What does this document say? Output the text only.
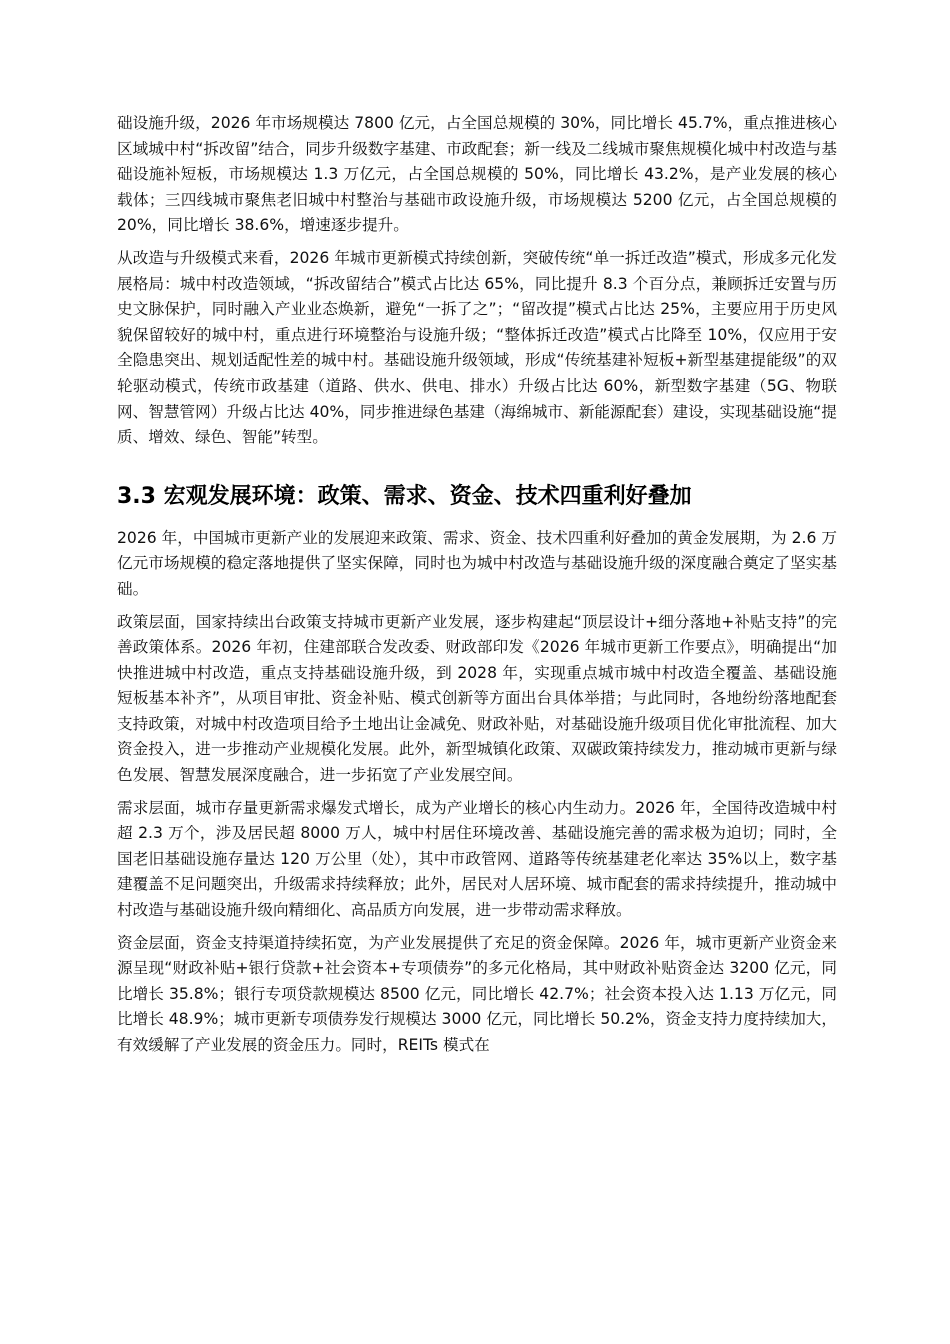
础设施升级，2026 年市场规模达 7800 亿元，占全国总规模的 30%，同比增长 45.7%，重点推进核心区域城中村“拆改留”结合，同步升级数字基建、市政配套；新一线及二线城市聚焦规模化城中村改造与基础设施补短板，市场规模达 1.3 万亿元，占全国总规模的 50%，同比增长 43.2%，是产业发展的核心载体；三四线城市聚焦老旧城中村整治与基础市政设施升级，市场规模达 5200 亿元，占全国总规模的 20%，同比增长 38.6%，增速逐步提升。

从改造与升级模式来看，2026 年城市更新模式持续创新，突破传统“单一拆迁改造”模式，形成多元化发展格局：城中村改造领域，“拆改留结合”模式占比达 65%，同比提升 8.3 个百分点，兼顾拆迁安置与历史文脉保护，同时融入产业业态焕新，避免“一拆了之”；“留改提”模式占比达 25%，主要应用于历史风貌保留较好的城中村，重点进行环境整治与设施升级；“整体拆迁改造”模式占比降至 10%，仅应用于安全隐患突出、规划适配性差的城中村。基础设施升级领域，形成“传统基建补短板+新型基建提能级”的双轮驱动模式，传统市政基建（道路、供水、供电、排水）升级占比达 60%，新型数字基建（5G、物联网、智慧管网）升级占比达 40%，同步推进绿色基建（海绵城市、新能源配套）建设，实现基础设施“提质、增效、绿色、智能”转型。

3.3 宏观发展环境：政策、需求、资金、技术四重利好叠加

2026 年，中国城市更新产业的发展迎来政策、需求、资金、技术四重利好叠加的黄金发展期，为 2.6 万亿元市场规模的稳定落地提供了坚实保障，同时也为城中村改造与基础设施升级的深度融合奠定了坚实基础。

政策层面，国家持续出台政策支持城市更新产业发展，逐步构建起“顶层设计+细分落地+补贴支持”的完善政策体系。2026 年初，住建部联合发改委、财政部印发《2026 年城市更新工作要点》，明确提出“加快推进城中村改造，重点支持基础设施升级，到 2028 年，实现重点城市城中村改造全覆盖、基础设施短板基本补齐”，从项目审批、资金补贴、模式创新等方面出台具体举措；与此同时，各地纷纷落地配套支持政策，对城中村改造项目给予土地出让金减免、财政补贴，对基础设施升级项目优化审批流程、加大资金投入，进一步推动产业规模化发展。此外，新型城镇化政策、双碳政策持续发力，推动城市更新与绿色发展、智慧发展深度融合，进一步拓宽了产业发展空间。

需求层面，城市存量更新需求爆发式增长，成为产业增长的核心内生动力。2026 年，全国待改造城中村超 2.3 万个，涉及居民超 8000 万人，城中村居住环境改善、基础设施完善的需求极为迫切；同时，全国老旧基础设施存量达 120 万公里（处），其中市政管网、道路等传统基建老化率达 35%以上，数字基建覆盖不足问题突出，升级需求持续释放；此外，居民对人居环境、城市配套的需求持续提升，推动城中村改造与基础设施升级向精细化、高品质方向发展，进一步带动需求释放。

资金层面，资金支持渠道持续拓宽，为产业发展提供了充足的资金保障。2026 年，城市更新产业资金来源呈现“财政补贴+银行贷款+社会资本+专项债券”的多元化格局，其中财政补贴资金达 3200 亿元，同比增长 35.8%；银行专项贷款规模达 8500 亿元，同比增长 42.7%；社会资本投入达 1.13 万亿元，同比增长 48.9%；城市更新专项债券发行规模达 3000 亿元，同比增长 50.2%，资金支持力度持续加大，有效缓解了产业发展的资金压力。同时，REITs 模式在
